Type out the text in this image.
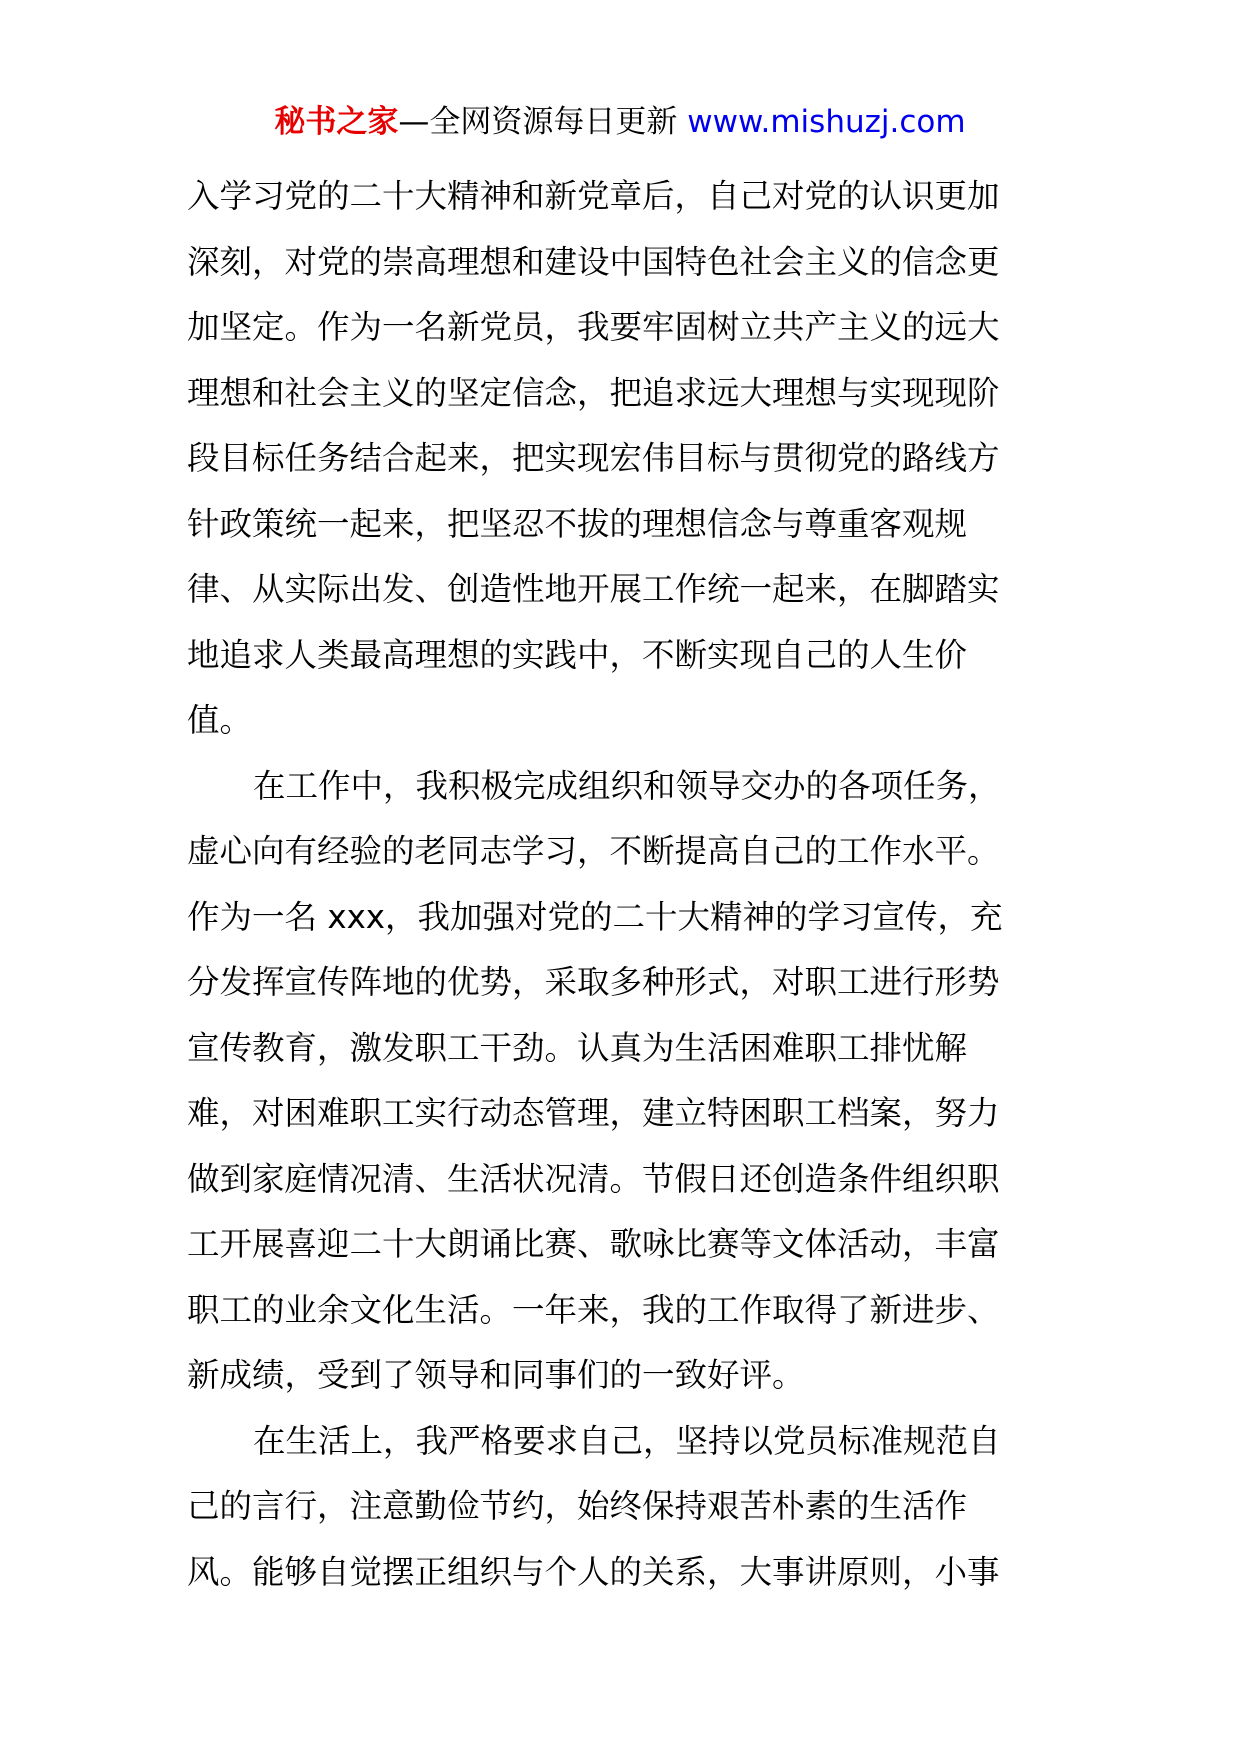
秘书之家—全网资源每日更新 www.mishuzj.com
入学习党的二十大精神和新党章后，自己对党的认识更加
深刻，对党的崇高理想和建设中国特色社会主义的信念更
加坚定。作为一名新党员，我要牢固树立共产主义的远大
理想和社会主义的坚定信念，把追求远大理想与实现现阶
段目标任务结合起来，把实现宏伟目标与贯彻党的路线方
针政策统一起来，把坚忍不拔的理想信念与尊重客观规
律、从实际出发、创造性地开展工作统一起来，在脚踏实
地追求人类最高理想的实践中，不断实现自己的人生价
值。
在工作中，我积极完成组织和领导交办的各项任务，
虚心向有经验的老同志学习，不断提高自己的工作水平。
作为一名 xxx，我加强对党的二十大精神的学习宣传，充
分发挥宣传阵地的优势，采取多种形式，对职工进行形势
宣传教育，激发职工干劲。认真为生活困难职工排忧解
难，对困难职工实行动态管理，建立特困职工档案，努力
做到家庭情况清、生活状况清。节假日还创造条件组织职
工开展喜迎二十大朗诵比赛、歌咏比赛等文体活动，丰富
职工的业余文化生活。一年来，我的工作取得了新进步、
新成绩，受到了领导和同事们的一致好评。
在生活上，我严格要求自己，坚持以党员标准规范自
己的言行，注意勤俭节约，始终保持艰苦朴素的生活作
风。能够自觉摆正组织与个人的关系，大事讲原则，小事
